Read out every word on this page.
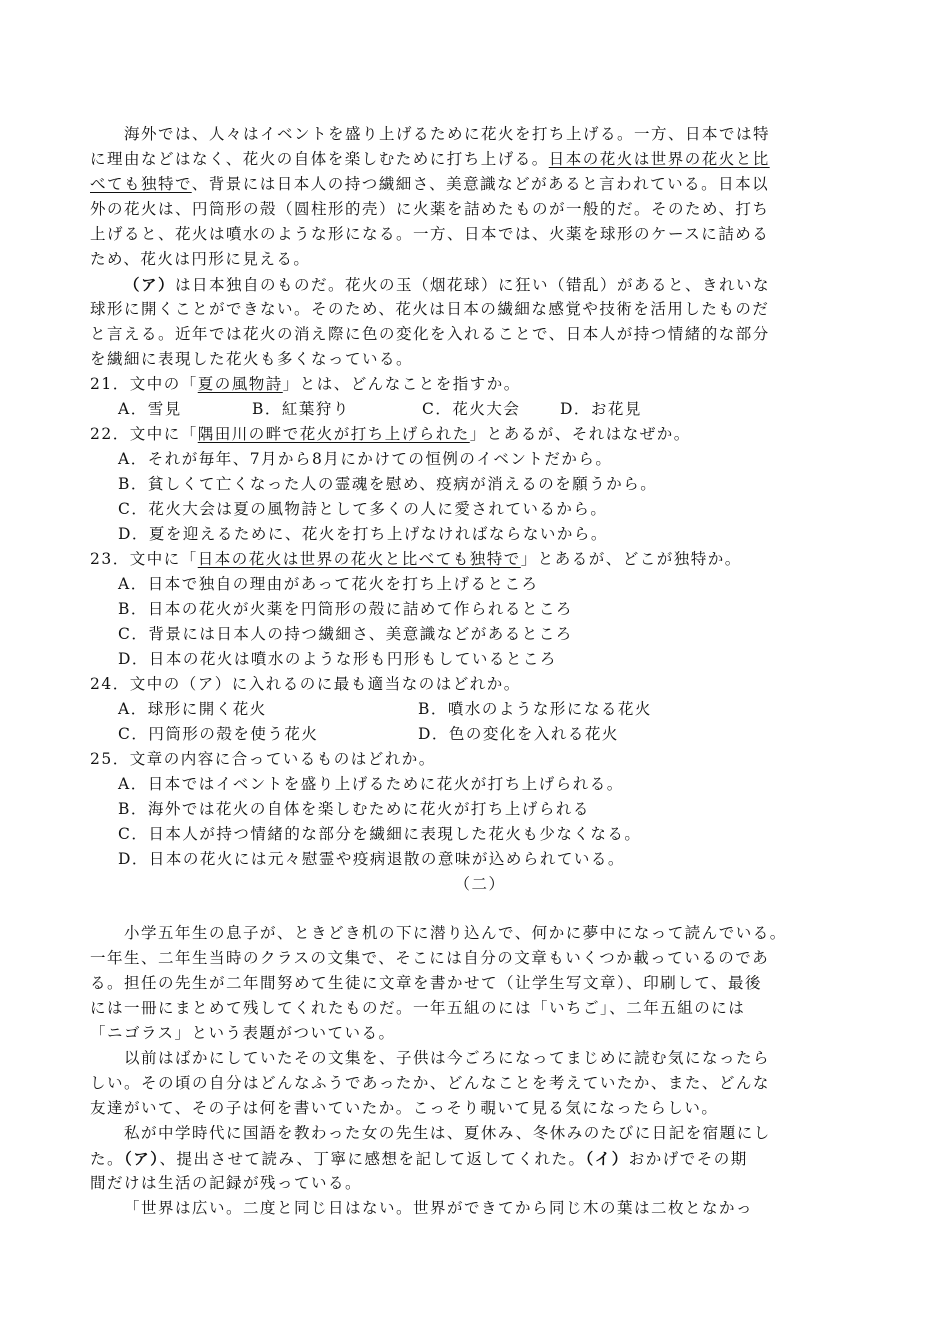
海外では、人々はイベントを盛り上げるために花火を打ち上げる。一方、日本では特
に理由などはなく、花火の自体を楽しむために打ち上げる。日本の花火は世界の花火と比
べても独特で、背景には日本人の持つ繊細さ、美意識などがあると言われている。日本以
外の花火は、円筒形の殻（圆柱形的壳）に火薬を詰めたものが一般的だ。そのため、打ち
上げると、花火は噴水のような形になる。一方、日本では、火薬を球形のケースに詰める
ため、花火は円形に見える。
（ア）は日本独自のものだ。花火の玉（烟花球）に狂い（错乱）があると、きれいな
球形に開くことができない。そのため、花火は日本の繊細な感覚や技術を活用したものだ
と言える。近年では花火の消え際に色の変化を入れることで、日本人が持つ情緒的な部分
を繊細に表現した花火も多くなっている。
21．文中の「夏の風物詩」とは、どんなことを指すか。
A．雪見	B．紅葉狩り	C．花火大会	D．お花見
22．文中に「隅田川の畔で花火が打ち上げられた」とあるが、それはなぜか。
A．それが毎年、7月から8月にかけての恒例のイベントだから。
B．貧しくて亡くなった人の霊魂を慰め、疫病が消えるのを願うから。
C．花火大会は夏の風物詩として多くの人に愛されているから。
D．夏を迎えるために、花火を打ち上げなければならないから。
23．文中に「日本の花火は世界の花火と比べても独特で」とあるが、どこが独特か。
A．日本で独自の理由があって花火を打ち上げるところ
B．日本の花火が火薬を円筒形の殻に詰めて作られるところ
C．背景には日本人の持つ繊細さ、美意識などがあるところ
D．日本の花火は噴水のような形も円形もしているところ
24．文中の（ア）に入れるのに最も適当なのはどれか。
A．球形に開く花火	B．噴水のような形になる花火
C．円筒形の殻を使う花火	D．色の変化を入れる花火
25．文章の内容に合っているものはどれか。
A．日本ではイベントを盛り上げるために花火が打ち上げられる。
B．海外では花火の自体を楽しむために花火が打ち上げられる
C．日本人が持つ情緒的な部分を繊細に表現した花火も少なくなる。
D．日本の花火には元々慰霊や疫病退散の意味が込められている。
（二）
小学五年生の息子が、ときどき机の下に潜り込んで、何かに夢中になって読んでいる。
一年生、二年生当時のクラスの文集で、そこには自分の文章もいくつか載っているのであ
る。担任の先生が二年間努めて生徒に文章を書かせて（让学生写文章）、印刷して、最後
には一冊にまとめて残してくれたものだ。一年五組のには「いちご」、二年五組のには
「ニゴラス」という表題がついている。
以前はばかにしていたその文集を、子供は今ごろになってまじめに読む気になったら
しい。その頃の自分はどんなふうであったか、どんなことを考えていたか、また、どんな
友達がいて、その子は何を書いていたか。こっそり覗いて見る気になったらしい。
私が中学時代に国語を教わった女の先生は、夏休み、冬休みのたびに日記を宿題にし
た。（ア）、提出させて読み、丁寧に感想を記して返してくれた。（イ）おかげでその期
間だけは生活の記録が残っている。
「世界は広い。二度と同じ日はない。世界ができてから同じ木の葉は二枚となかっ
